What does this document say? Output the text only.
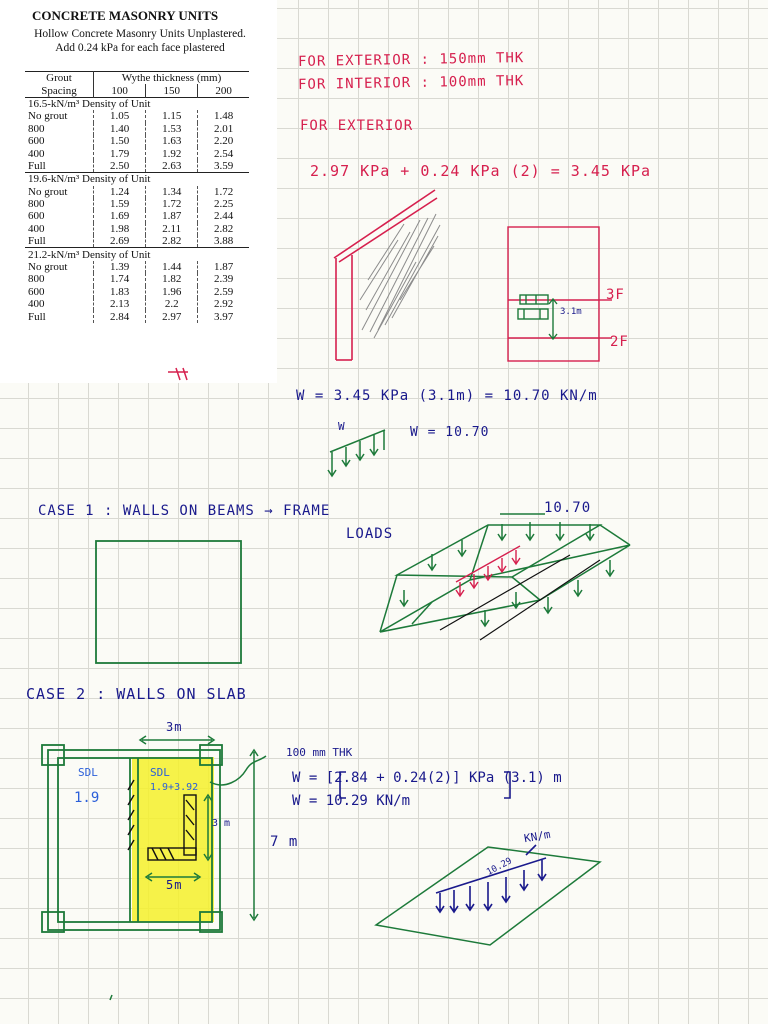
CONCRETE MASONRY UNITS
Hollow Concrete Masonry Units Unplastered. Add 0.24 kPa for each face plastered
Grout	Wythe thickness (mm)		
Spacing	100	150	200
16.5-kN/m³ Density of Unit			
No grout	1.05	1.15	1.48
800	1.40	1.53	2.01
600	1.50	1.63	2.20
400	1.79	1.92	2.54
Full	2.50	2.63	3.59
19.6-kN/m³ Density of Unit			
No grout	1.24	1.34	1.72
800	1.59	1.72	2.25
600	1.69	1.87	2.44
400	1.98	2.11	2.82
Full	2.69	2.82	3.88
21.2-kN/m³ Density of Unit			
No grout	1.39	1.44	1.87
800	1.74	1.82	2.39
600	1.83	1.96	2.59
400	2.13	2.2	2.92
Full	2.84	2.97	3.97
FOR EXTERIOR : 150mm THK
FOR INTERIOR : 100mm THK
FOR EXTERIOR
2.97 KPa + 0.24 KPa (2) = 3.45 KPa
3.1m
3F
2F
W = 3.45 KPa (3.1m) = 10.70 KN/m
W	W = 10.70
CASE 1 : WALLS ON BEAMS → FRAME
LOADS
10.70
CASE 2 : WALLS ON SLAB
3m
SDL
1.9
SDL
1.9+3.92
3 m
5m
7 m
100 mm THK
W = [2.84 + 0.24(2)] KPa (3.1) m
W = 10.29 KN/m
KN/m
10.29
